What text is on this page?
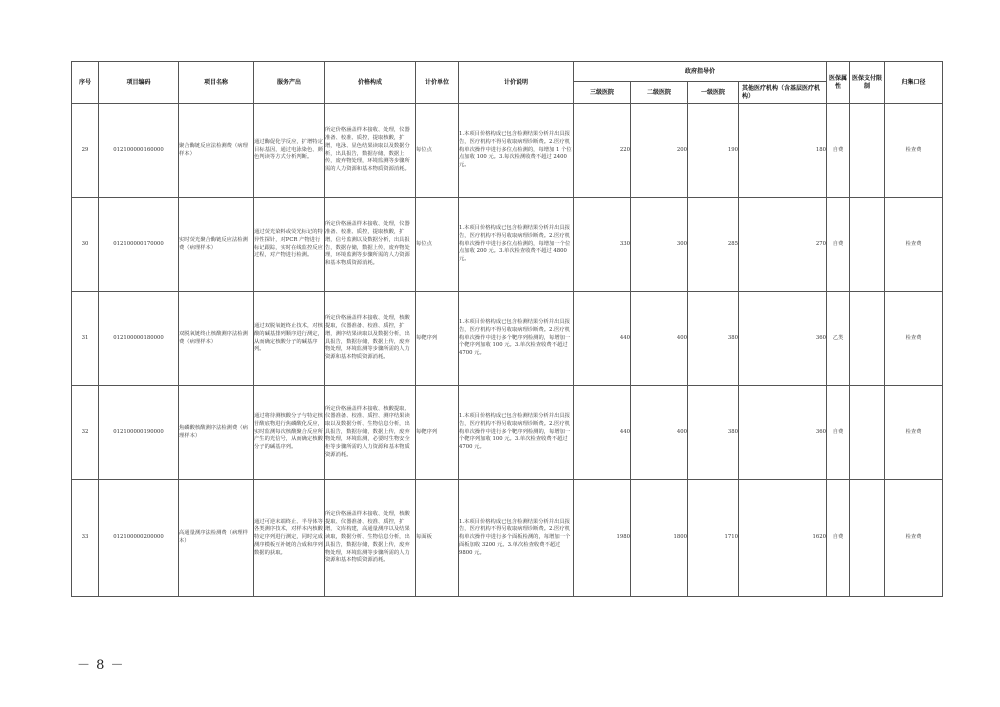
序号	项目编码	项目名称	服务产出	价格构成	计价单位	计价说明	政府指导价				医保属性	医保支付限制	归集口径
							三级医院	二级医院	一级医院	其他医疗机构（含基层医疗机构）			
29	012100000160000	聚合酶链反应法检测费（病理样本）	通过酶促化学反应，扩增特定目标基因，通过电泳染色、颜色判读等方式分析判断。	所定价格涵盖样本接收、处理，仪器准备、校准、质控，提取核酸，扩增，电泳、显色结果读取以及数据分析，出具报告，数据存储，数据上传，废弃物处理，环境监测等步骤所需的人力资源和基本物质资源消耗。	每位点	1.本项目价格构成已包含检测结果分析并出具报告，医疗机构不得另收取病理诊断费。2.医疗机构单次操作中进行多位点检测的，每增加 1 个位点加收 100 元。3.每次检测收费不超过 2400 元。	220	200	190	180	自费		检查费
30	012100000170000	实时荧光聚合酶链反应法检测费（病理样本）	通过荧光染料或荧光标记的特异性探针，对PCR 产物进行标记跟踪，实时在线监控反应过程，对产物进行检测。	所定价格涵盖样本接收、处理，仪器准备、校准、质控，提取核酸，扩增，信号监测以及数据分析，出具报告，数据存储，数据上传，废弃物处理，环境监测等步骤所需的人力资源和基本物质资源消耗。	每位点	1.本项目价格构成已包含检测结果分析并出具报告，医疗机构不得另收取病理诊断费。2.医疗机构单次操作中进行多位点检测的，每增加一个位点加收 200 元。3.单次检查收费不超过 4800 元。	330	300	285	270	自费		检查费
31	012100000180000	双脱氧链终止核酸测序法检测费（病理样本）	通过双脱氧链终止技术，对核酸的碱基排列顺序进行测定，从而确定核酸分子的碱基序列。	所定价格涵盖样本接收、处理，核酸提取，仪器准备、校准、质控，扩增，测序结果读取以及数据分析，出具报告，数据存储，数据上传，废弃物处理，环境监测等步骤所需的人力资源和基本物质资源消耗。	每靶序列	1.本项目价格构成已包含检测结果分析并出具报告，医疗机构不得另收取病理诊断费。2.医疗机构单次操作中进行多个靶序列检测的，每增加一个靶序列加收 100 元。3.单次检查收费不超过 4700 元。	440	400	380	360	乙类		检查费
32	012100000190000	焦磷酸核酸测序法检测费（病理样本）	通过将待测核酸分子与特定核苷酸底物进行焦磷酸化反应，实时监测每次核酸聚合反应所产生的光信号，从而确定核酸分子的碱基序列。	所定价格涵盖样本接收、核酸提取、仪器准备、校准、质控、测序结果读取以及数据分析、生物信息分析，出具报告，数据存储，数据上传，废弃物处理，环境监测，必要时生物安全柜等步骤所需的人力资源和基本物质资源消耗。	每靶序列	1.本项目价格构成已包含检测结果分析并出具报告，医疗机构不得另收取病理诊断费。2.医疗机构单次操作中进行多个靶序列检测的，每增加一个靶序列加收 100 元。3.单次检查收费不超过 4700 元。	440	400	380	360	自费		检查费
33	012100000200000	高通量测序法检测费（病理样本）	通过可逆末端终止、半导体等各类测序技术，对样本内核酸特定序列进行测定，同时完成测序模板互补链的合成和序列数据的获取。	所定价格涵盖样本接收、处理，核酸提取、仪器准备、校准、质控，扩增，文库构建，高通量测序以及结果读取，数据分析、生物信息分析，出具报告，数据存储，数据上传，废弃物处理，环境监测等步骤所需的人力资源和基本物质资源消耗。	每面板	1.本项目价格构成已包含检测结果分析并出具报告，医疗机构不得另收取病理诊断费。2.医疗机构单次操作中进行多个面板检测的，每增加一个面板加收 3200 元。3.单次检查收费不超过 9800 元。	1980	1800	1710	1620	自费		检查费
－ 8 －
